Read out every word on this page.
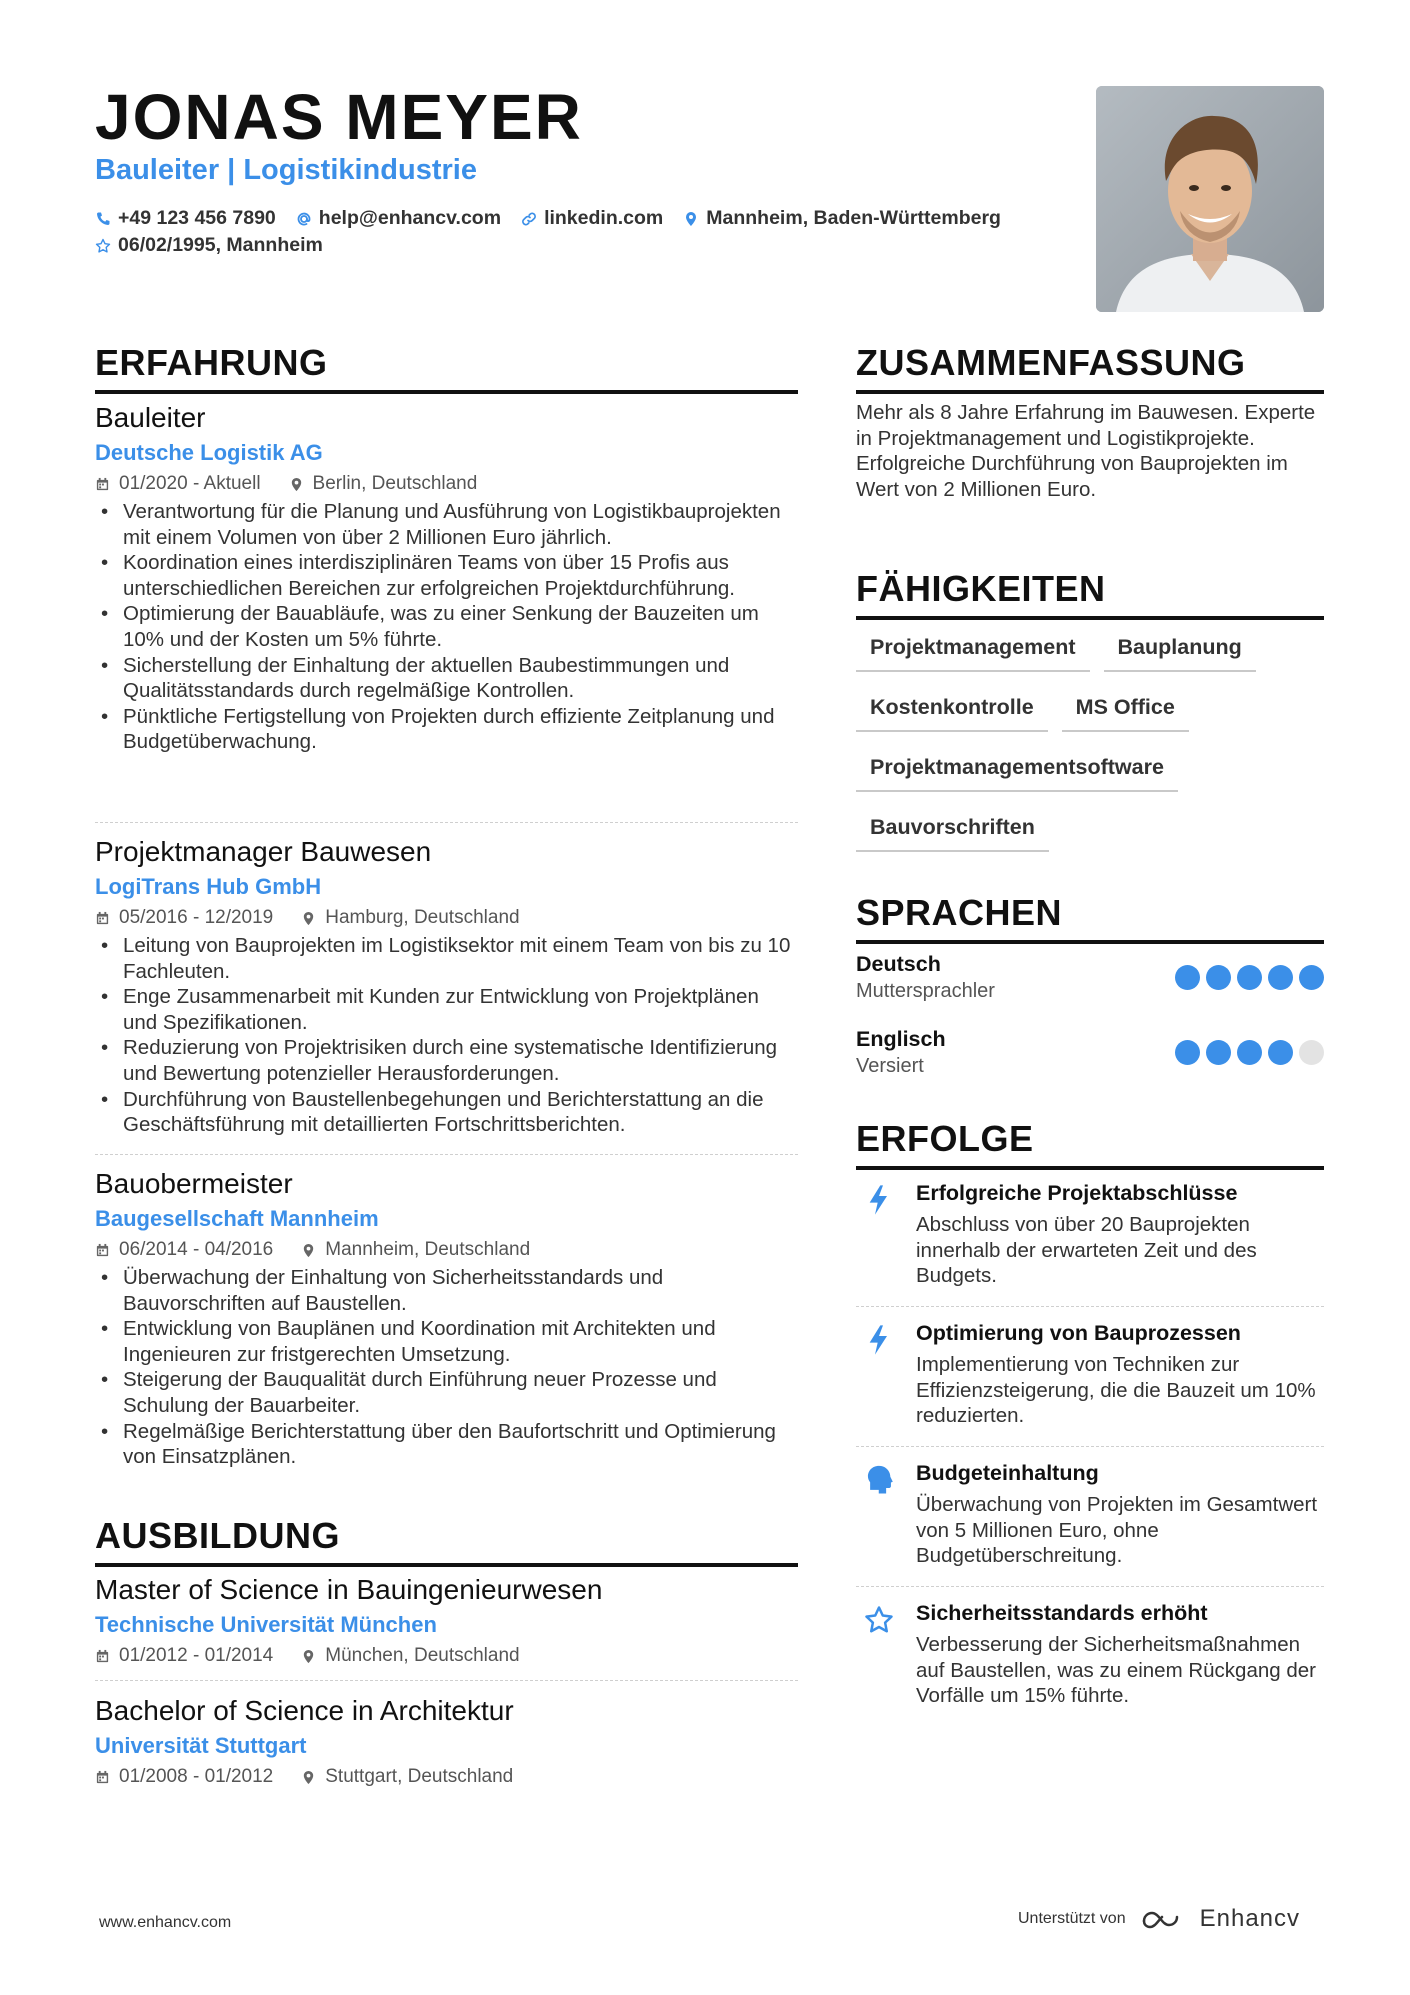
JONAS MEYER
Bauleiter | Logistikindustrie
+49 123 456 7890 help@enhancv.com linkedin.com Mannheim, Baden-Württemberg
06/02/1995, Mannheim
ERFAHRUNG
Bauleiter
Deutsche Logistik AG
01/2020 - Aktuell	Berlin, Deutschland
• Verantwortung für die Planung und Ausführung von Logistikbauprojekten mit einem Volumen von über 2 Millionen Euro jährlich.
• Koordination eines interdisziplinären Teams von über 15 Profis aus unterschiedlichen Bereichen zur erfolgreichen Projektdurchführung.
• Optimierung der Bauabläufe, was zu einer Senkung der Bauzeiten um 10% und der Kosten um 5% führte.
• Sicherstellung der Einhaltung der aktuellen Baubestimmungen und Qualitätsstandards durch regelmäßige Kontrollen.
• Pünktliche Fertigstellung von Projekten durch effiziente Zeitplanung und Budgetüberwachung.
Projektmanager Bauwesen
LogiTrans Hub GmbH
05/2016 - 12/2019	Hamburg, Deutschland
• Leitung von Bauprojekten im Logistiksektor mit einem Team von bis zu 10 Fachleuten.
• Enge Zusammenarbeit mit Kunden zur Entwicklung von Projektplänen und Spezifikationen.
• Reduzierung von Projektrisiken durch eine systematische Identifizierung und Bewertung potenzieller Herausforderungen.
• Durchführung von Baustellenbegehungen und Berichterstattung an die Geschäftsführung mit detaillierten Fortschrittsberichten.
Bauobermeister
Baugesellschaft Mannheim
06/2014 - 04/2016	Mannheim, Deutschland
• Überwachung der Einhaltung von Sicherheitsstandards und Bauvorschriften auf Baustellen.
• Entwicklung von Bauplänen und Koordination mit Architekten und Ingenieuren zur fristgerechten Umsetzung.
• Steigerung der Bauqualität durch Einführung neuer Prozesse und Schulung der Bauarbeiter.
• Regelmäßige Berichterstattung über den Baufortschritt und Optimierung von Einsatzplänen.
AUSBILDUNG
Master of Science in Bauingenieurwesen
Technische Universität München
01/2012 - 01/2014	München, Deutschland
Bachelor of Science in Architektur
Universität Stuttgart
01/2008 - 01/2012	Stuttgart, Deutschland
ZUSAMMENFASSUNG
Mehr als 8 Jahre Erfahrung im Bauwesen. Experte in Projektmanagement und Logistikprojekte. Erfolgreiche Durchführung von Bauprojekten im Wert von 2 Millionen Euro.
FÄHIGKEITEN
Projektmanagement	Bauplanung
Kostenkontrolle	MS Office
Projektmanagementsoftware
Bauvorschriften
SPRACHEN
Deutsch
Muttersprachler
Englisch
Versiert
ERFOLGE
Erfolgreiche Projektabschlüsse
Abschluss von über 20 Bauprojekten innerhalb der erwarteten Zeit und des Budgets.
Optimierung von Bauprozessen
Implementierung von Techniken zur Effizienzsteigerung, die die Bauzeit um 10% reduzierten.
Budgeteinhaltung
Überwachung von Projekten im Gesamtwert von 5 Millionen Euro, ohne Budgetüberschreitung.
Sicherheitsstandards erhöht
Verbesserung der Sicherheitsmaßnahmen auf Baustellen, was zu einem Rückgang der Vorfälle um 15% führte.
www.enhancv.com	Unterstützt von	Enhancv
